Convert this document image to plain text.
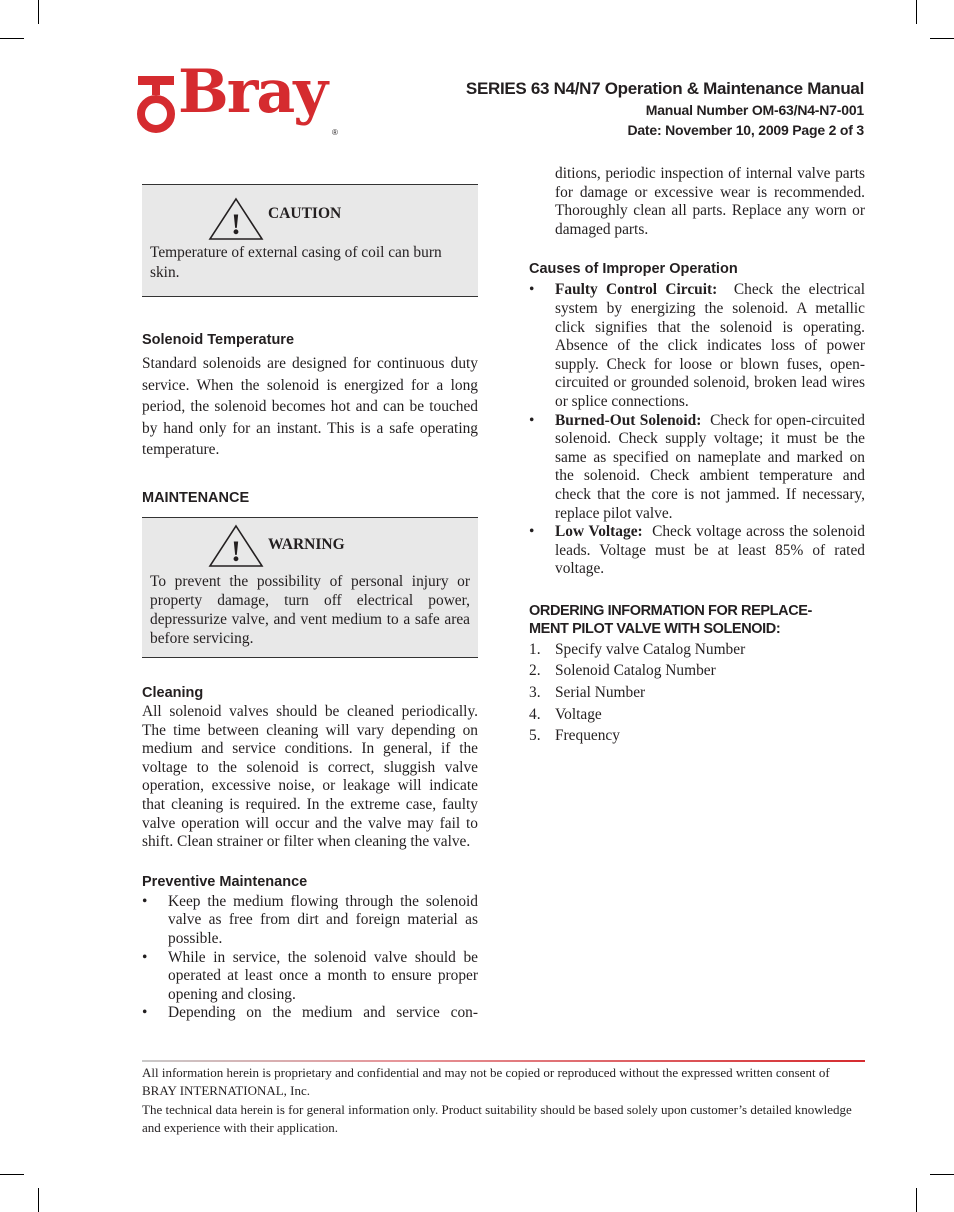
Bray
®
SERIES 63 N4/N7 Operation & Maintenance Manual
Manual Number OM-63/N4-N7-001
Date: November 10, 2009 Page 2 of 3
! CAUTION

Temperature of external casing of coil can burn skin.

Solenoid Temperature

Standard solenoids are designed for continuous duty service. When the solenoid is energized for a long period, the solenoid becomes hot and can be touched by hand only for an instant. This is a safe operating temperature.

MAINTENANCE
! WARNING

To prevent the possibility of personal injury or property damage, turn off electrical power, depressurize valve, and vent medium to a safe area before servicing.

Cleaning

All solenoid valves should be cleaned periodically. The time between cleaning will vary depending on medium and service conditions. In general, if the voltage to the solenoid is correct, sluggish valve operation, excessive noise, or leakage will indicate that cleaning is required. In the extreme case, faulty valve operation will occur and the valve may fail to shift. Clean strainer or filter when cleaning the valve.

Preventive Maintenance
• Keep the medium flowing through the solenoid valve as free from dirt and foreign material as possible.
• While in service, the solenoid valve should be operated at least once a month to ensure proper opening and closing.
• Depending on the medium and service con-

ditions, periodic inspection of internal valve parts for damage or excessive wear is recommended. Thoroughly clean all parts. Replace any worn or damaged parts.

Causes of Improper Operation
• Faulty Control Circuit: Check the electrical system by energizing the solenoid. A metallic click signifies that the solenoid is operating. Absence of the click indicates loss of power supply. Check for loose or blown fuses, open-circuited or grounded solenoid, broken lead wires or splice connections.
• Burned-Out Solenoid: Check for open-circuited solenoid. Check supply voltage; it must be the same as specified on nameplate and marked on the solenoid. Check ambient temperature and check that the core is not jammed. If necessary, replace pilot valve.
• Low Voltage: Check voltage across the solenoid leads. Voltage must be at least 85% of rated voltage.
ORDERING INFORMATION FOR REPLACE-
MENT PILOT VALVE WITH SOLENOID:
1. Specify valve Catalog Number
2. Solenoid Catalog Number
3. Serial Number
4. Voltage
5. Frequency
All information herein is proprietary and confidential and may not be copied or reproduced without the expressed written consent of BRAY INTERNATIONAL, Inc.
The technical data herein is for general information only. Product suitability should be based solely upon customer’s detailed knowledge and experience with their application.
